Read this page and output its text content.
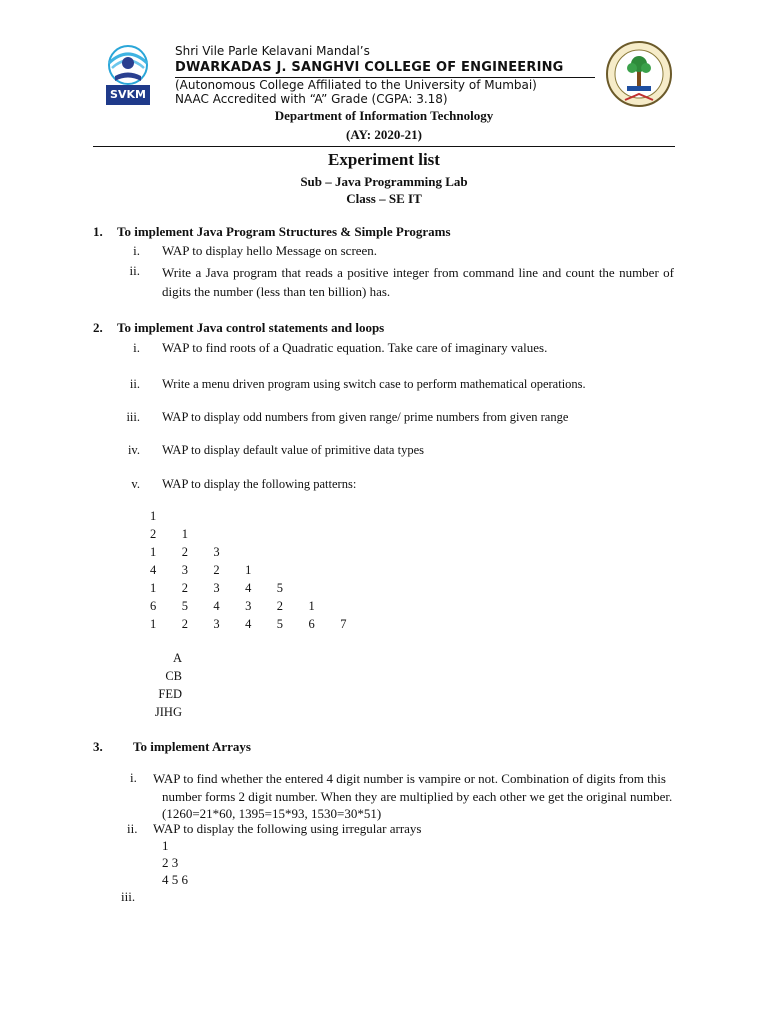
SVKM
Shri Vile Parle Kelavani Mandal’s
DWARKADAS J. SANGHVI COLLEGE OF ENGINEERING
(Autonomous College Affiliated to the University of Mumbai)
NAAC Accredited with “A” Grade (CGPA: 3.18)
Department of Information Technology
(AY: 2020-21)
Experiment list
Sub – Java Programming Lab
Class – SE IT
1. To implement Java Program Structures & Simple Programs
i. WAP to display hello Message on screen.
ii. Write a Java program that reads a positive integer from command line and count the number of digits the number (less than ten billion) has.
2. To implement Java control statements and loops
i. WAP to find roots of a Quadratic equation. Take care of imaginary values.
ii. Write a menu driven program using switch case to perform mathematical operations.
iii. WAP to display odd numbers from given range/ prime numbers from given range
iv. WAP to display default value of primitive data types
v. WAP to display the following patterns:
1
2 1
1 2 3
4 3 2 1
1 2 3 4 5
6 5 4 3 2 1
1 2 3 4 5 6 7
A
CB
FED
JIHG
3. To implement Arrays
i. WAP to find whether the entered 4 digit number is vampire or not. Combination of digits from this number forms 2 digit number. When they are multiplied by each other we get the original number. (1260=21*60, 1395=15*93, 1530=30*51)
ii. WAP to display the following using irregular arrays
1
2 3
4 5 6
iii.
